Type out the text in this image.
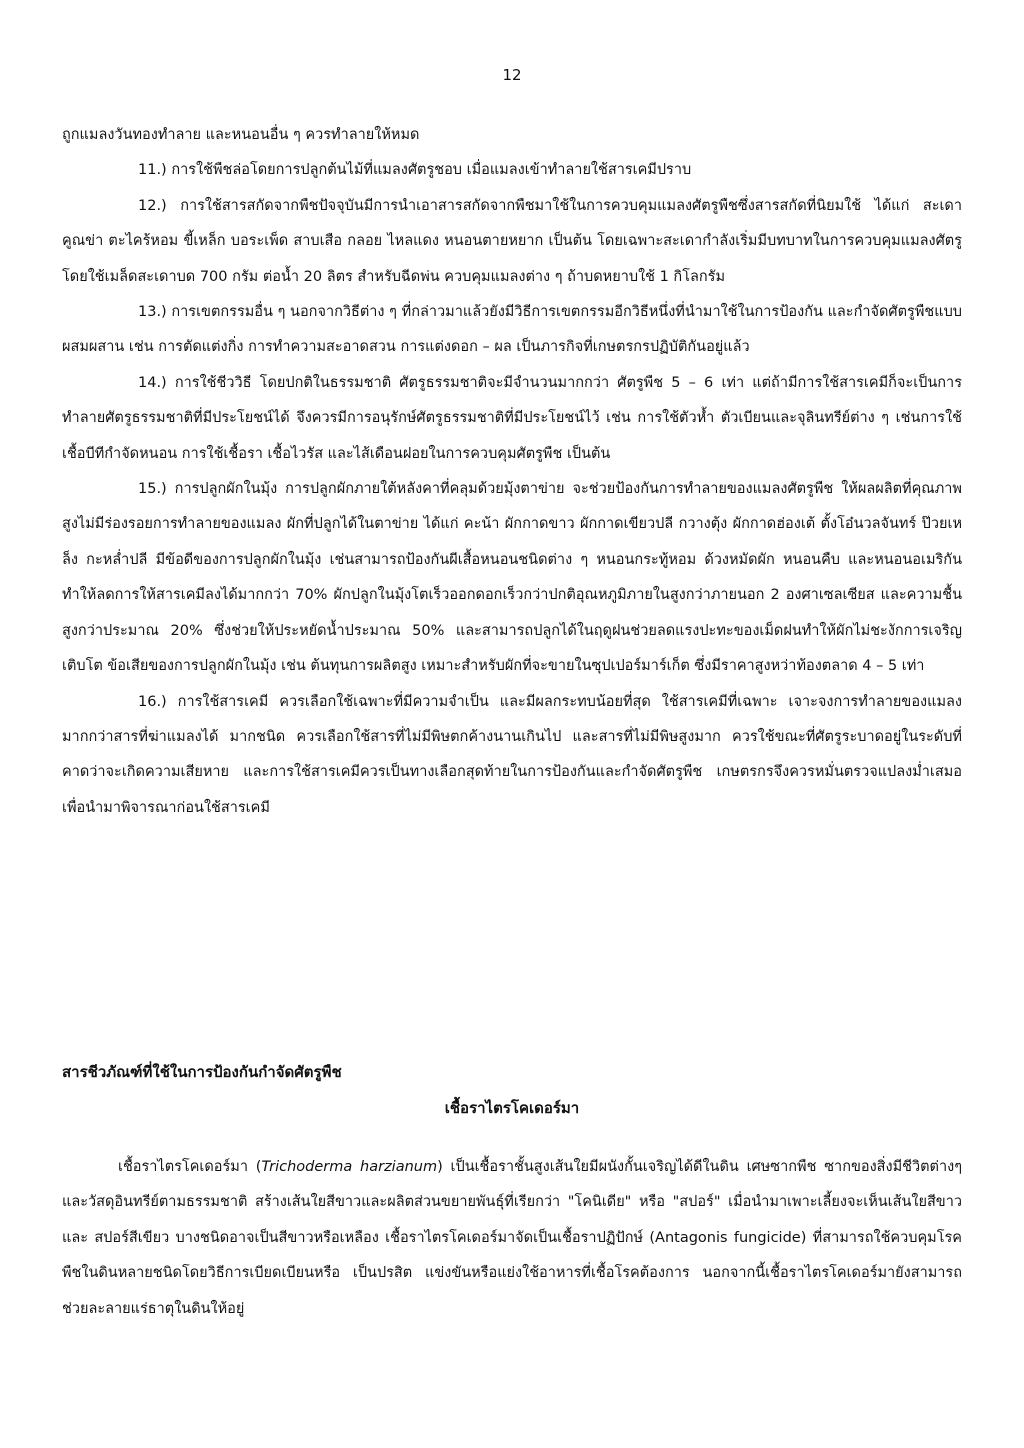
12

ถูกแมลงวันทองทำลาย และหนอนอื่น ๆ ควรทำลายให้หมด

11.) การใช้พืชล่อโดยการปลูกต้นไม้ที่แมลงศัตรูชอบ เมื่อแมลงเข้าทำลายใช้สารเคมีปราบ

12.) การใช้สารสกัดจากพืชปัจจุบันมีการนำเอาสารสกัดจากพืชมาใช้ในการควบคุมแมลงศัตรูพืชซึ่งสารสกัดที่นิยมใช้ ได้แก่ สะเดา คูณข่า ตะไคร้หอม ขี้เหล็ก บอระเพ็ด สาบเสือ กลอย ไหลแดง หนอนตายหยาก เป็นต้น โดยเฉพาะสะเดากำลังเริ่มมีบทบาทในการควบคุมแมลงศัตรู โดยใช้เมล็ดสะเดาบด 700 กรัม ต่อน้ำ 20 ลิตร สำหรับฉีดพ่น ควบคุมแมลงต่าง ๆ ถ้าบดหยาบใช้ 1 กิโลกรัม

13.) การเขตกรรมอื่น ๆ นอกจากวิธีต่าง ๆ ที่กล่าวมาแล้วยังมีวิธีการเขตกรรมอีกวิธีหนึ่งที่นำมาใช้ในการป้องกัน และกำจัดศัตรูพืชแบบผสมผสาน เช่น การตัดแต่งกิ่ง การทำความสะอาดสวน การแต่งดอก – ผล เป็นภารกิจที่เกษตรกรปฏิบัติกันอยู่แล้ว

14.) การใช้ชีววิธี โดยปกติในธรรมชาติ ศัตรูธรรมชาติจะมีจำนวนมากกว่า ศัตรูพืช 5 – 6 เท่า แต่ถ้ามีการใช้สารเคมีก็จะเป็นการทำลายศัตรูธรรมชาติที่มีประโยชน์ได้ จึงควรมีการอนุรักษ์ศัตรูธรรมชาติที่มีประโยชน์ไว้ เช่น การใช้ตัวห้ำ ตัวเบียนและจุลินทรีย์ต่าง ๆ เช่นการใช้เชื้อบีทีกำจัดหนอน การใช้เชื้อรา เชื้อไวรัส และไส้เดือนฝอยในการควบคุมศัตรูพืช เป็นต้น

15.) การปลูกผักในมุ้ง การปลูกผักภายใต้หลังคาที่คลุมด้วยมุ้งตาข่าย จะช่วยป้องกันการทำลายของแมลงศัตรูพืช ให้ผลผลิตที่คุณภาพสูงไม่มีร่องรอยการทำลายของแมลง ผักที่ปลูกได้ในตาข่าย ได้แก่ คะน้า ผักกาดขาว ผักกาดเขียวปลี กวางตุ้ง ผักกาดฮ่องเต้ ตั้งโอ๋นวลจันทร์ ป๊วยเหล็ง กะหล่ำปลี มีข้อดีของการปลูกผักในมุ้ง เช่นสามารถป้องกันผีเสื้อหนอนชนิดต่าง ๆ หนอนกระทู้หอม ด้วงหมัดผัก หนอนคืบ และหนอนอเมริกันทำให้ลดการให้สารเคมีลงได้มากกว่า 70% ผักปลูกในมุ้งโตเร็วออกดอกเร็วกว่าปกติอุณหภูมิภายในสูงกว่าภายนอก 2 องศาเซลเซียส และความชื้นสูงกว่าประมาณ 20% ซึ่งช่วยให้ประหยัดน้ำประมาณ 50% และสามารถปลูกได้ในฤดูฝนช่วยลดแรงปะทะของเม็ดฝนทำให้ผักไม่ชะงักการเจริญเติบโต ข้อเสียของการปลูกผักในมุ้ง เช่น ต้นทุนการผลิตสูง เหมาะสำหรับผักที่จะขายในซุปเปอร์มาร์เก็ต ซึ่งมีราคาสูงหว่าท้องตลาด 4 – 5 เท่า

16.) การใช้สารเคมี ควรเลือกใช้เฉพาะที่มีความจำเป็น และมีผลกระทบน้อยที่สุด ใช้สารเคมีที่เฉพาะ เจาะจงการทำลายของแมลง มากกว่าสารที่ฆ่าแมลงได้ มากชนิด ควรเลือกใช้สารที่ไม่มีพิษตกค้างนานเกินไป และสารที่ไม่มีพิษสูงมาก ควรใช้ขณะที่ศัตรูระบาดอยู่ในระดับที่คาดว่าจะเกิดความเสียหาย และการใช้สารเคมีควรเป็นทางเลือกสุดท้ายในการป้องกันและกำจัดศัตรูพืช เกษตรกรจึงควรหมั่นตรวจแปลงม่ำเสมอ เพื่อนำมาพิจารณาก่อนใช้สารเคมี

สารชีวภัณฑ์ที่ใช้ในการป้องกันกำจัดศัตรูพืช
เชื้อราไตรโคเดอร์มา
เชื้อราไตรโคเดอร์มา (Trichoderma harzianum) เป็นเชื้อราชั้นสูงเส้นใยมีผนังกั้นเจริญได้ดีในดิน เศษซากพืช ซากของสิ่งมีชีวิตต่างๆ และวัสดุอินทรีย์ตามธรรมชาติ สร้างเส้นใยสีขาวและผลิตส่วนขยายพันธุ์ที่เรียกว่า "โคนิเดีย" หรือ "สปอร์" เมื่อนำมาเพาะเลี้ยงจะเห็นเส้นใยสีขาวและ สปอร์สีเขียว บางชนิดอาจเป็นสีขาวหรือเหลือง เชื้อราไตรโคเดอร์มาจัดเป็นเชื้อราปฏิปักษ์ (Antagonis fungicide) ที่สามารถใช้ควบคุมโรคพืชในดินหลายชนิดโดยวิธีการเบียดเบียนหรือ เป็นปรสิต แข่งขันหรือแย่งใช้อาหารที่เชื้อโรคต้องการ นอกจากนี้เชื้อราไตรโคเดอร์มายังสามารถช่วยละลายแร่ธาตุในดินให้อยู่
